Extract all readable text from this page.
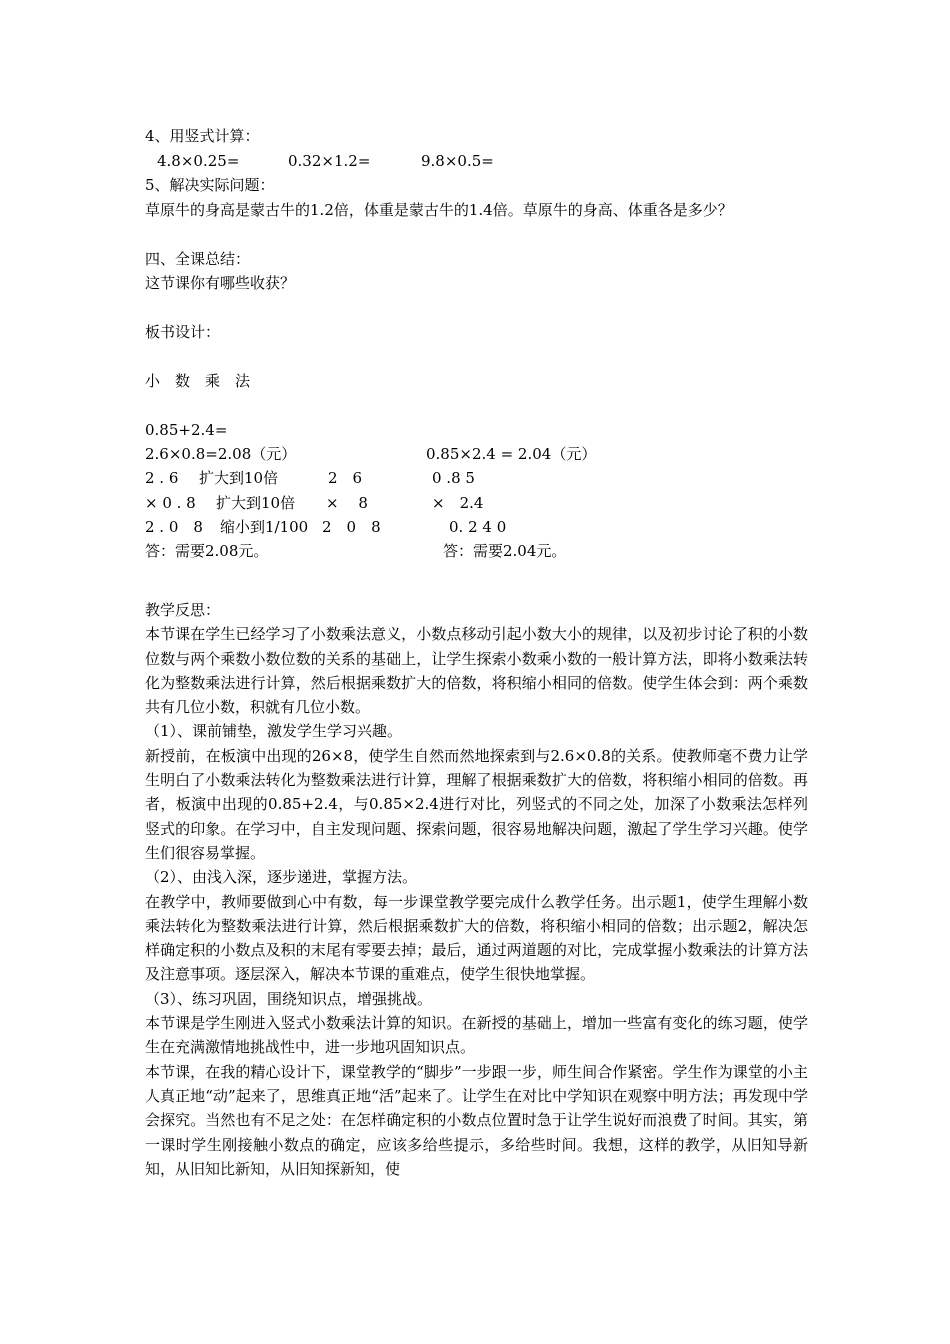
4、用竖式计算：
4.8×0.25=	0.32×1.2=	9.8×0.5=
5、解决实际问题：
草原牛的身高是蒙古牛的1.2倍，体重是蒙古牛的1.4倍。草原牛的身高、体重各是多少？
四、全课总结：
这节课你有哪些收获？
板书设计：
小　数　乘　法
0.85+2.4=
2.6×0.8=2.08（元）	0.85×2.4 = 2.04（元）
2 . 6 扩大到10倍	2　6	0 .8 5
× 0 . 8 扩大到10倍 ×　 8	×　2.4
2 . 0　8 缩小到1/100 2　0　8	0. 2 4 0
答：需要2.08元。	答：需要2.04元。

教学反思：

本节课在学生已经学习了小数乘法意义，小数点移动引起小数大小的规律，以及初步讨论了积的小数位数与两个乘数小数位数的关系的基础上，让学生探索小数乘小数的一般计算方法，即将小数乘法转化为整数乘法进行计算，然后根据乘数扩大的倍数，将积缩小相同的倍数。使学生体会到：两个乘数共有几位小数，积就有几位小数。

（1）、课前铺垫，激发学生学习兴趣。

新授前，在板演中出现的26×8，使学生自然而然地探索到与2.6×0.8的关系。使教师毫不费力让学生明白了小数乘法转化为整数乘法进行计算，理解了根据乘数扩大的倍数，将积缩小相同的倍数。再者，板演中出现的0.85+2.4，与0.85×2.4进行对比，列竖式的不同之处，加深了小数乘法怎样列竖式的印象。在学习中，自主发现问题、探索问题，很容易地解决问题，激起了学生学习兴趣。使学生们很容易掌握。

（2）、由浅入深，逐步递进，掌握方法。

在教学中，教师要做到心中有数，每一步课堂教学要完成什么教学任务。出示题1，使学生理解小数乘法转化为整数乘法进行计算，然后根据乘数扩大的倍数，将积缩小相同的倍数；出示题2，解决怎样确定积的小数点及积的末尾有零要去掉；最后，通过两道题的对比，完成掌握小数乘法的计算方法及注意事项。逐层深入，解决本节课的重难点，使学生很快地掌握。

（3）、练习巩固，围绕知识点，增强挑战。

本节课是学生刚进入竖式小数乘法计算的知识。在新授的基础上，增加一些富有变化的练习题，使学生在充满激情地挑战性中，进一步地巩固知识点。

本节课，在我的精心设计下，课堂教学的“脚步”一步跟一步，师生间合作紧密。学生作为课堂的小主人真正地“动”起来了，思维真正地“活”起来了。让学生在对比中学知识在观察中明方法；再发现中学会探究。当然也有不足之处：在怎样确定积的小数点位置时急于让学生说好而浪费了时间。其实，第一课时学生刚接触小数点的确定，应该多给些提示，多给些时间。我想，这样的教学，从旧知导新知，从旧知比新知，从旧知探新知，使
